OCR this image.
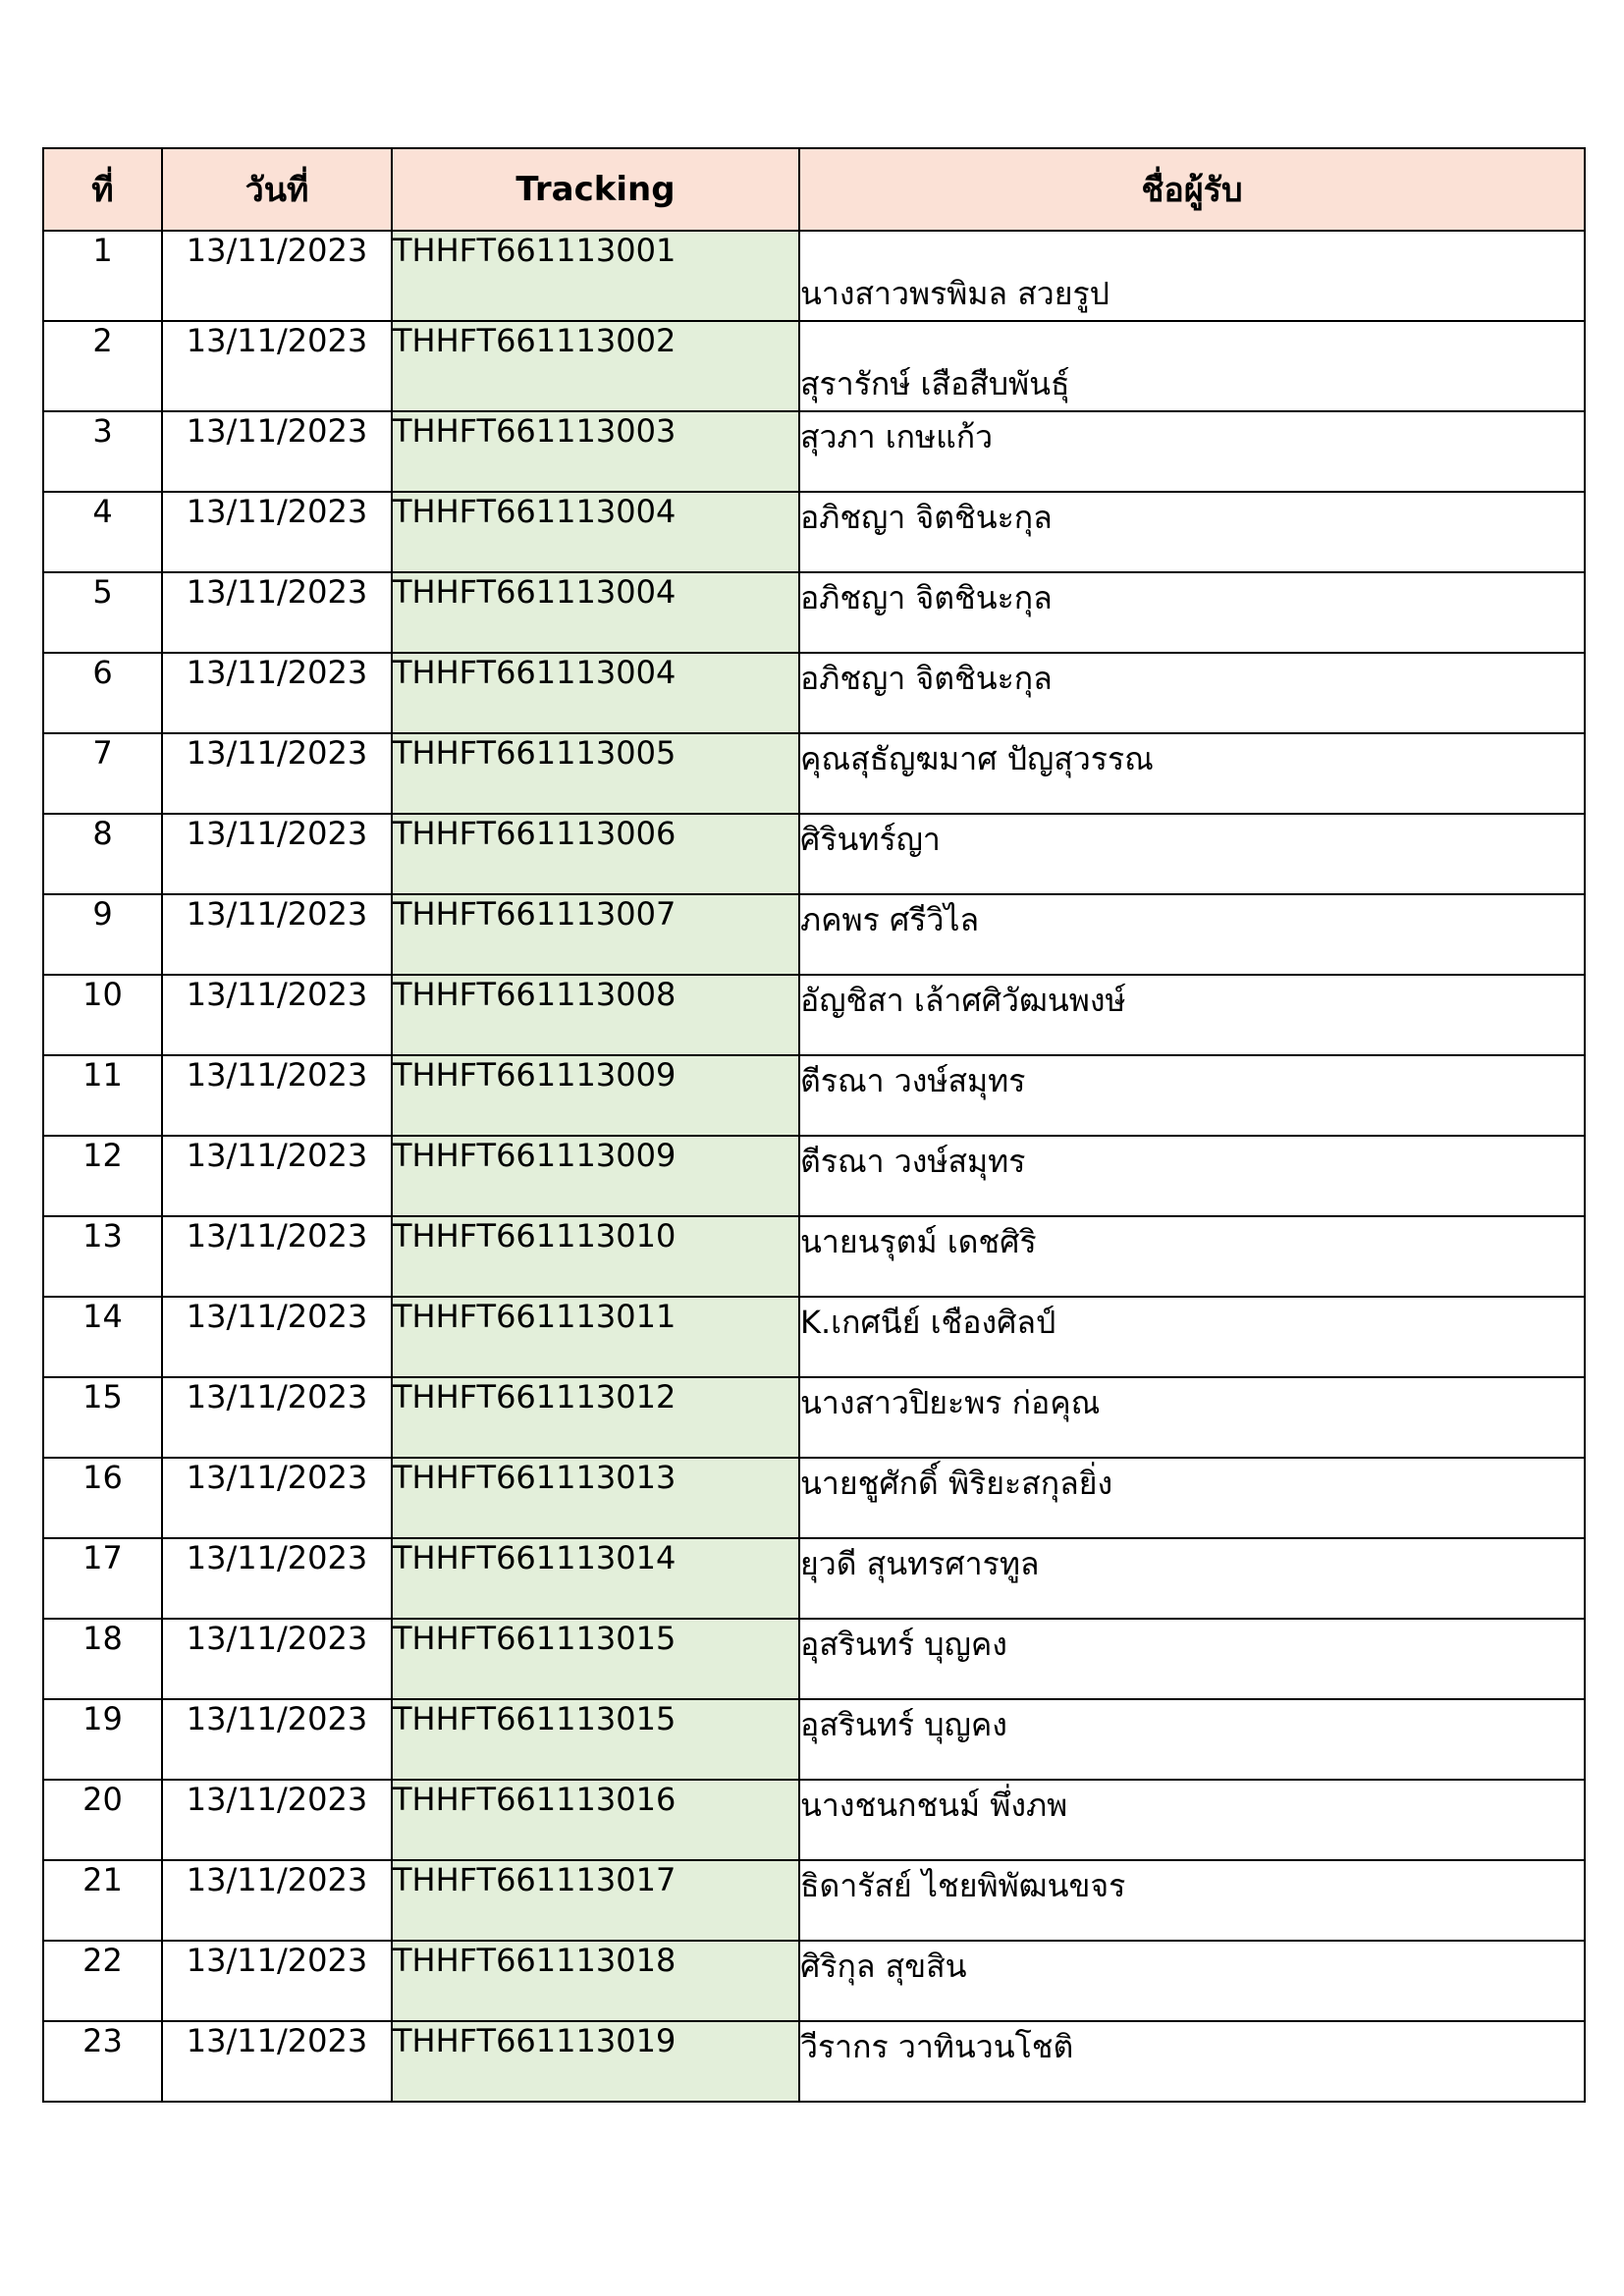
ที่	วันที่	Tracking	ชื่อผู้รับ
1	13/11/2023	THHFT661113001	นางสาวพรพิมล สวยรูป
2	13/11/2023	THHFT661113002	สุรารักษ์ เสือสืบพันธุ์
3	13/11/2023	THHFT661113003	สุวภา เกษแก้ว
4	13/11/2023	THHFT661113004	อภิชญา จิตชินะกุล
5	13/11/2023	THHFT661113004	อภิชญา จิตชินะกุล
6	13/11/2023	THHFT661113004	อภิชญา จิตชินะกุล
7	13/11/2023	THHFT661113005	คุณสุธัญฆมาศ ปัญสุวรรณ
8	13/11/2023	THHFT661113006	ศิรินทร์ญา
9	13/11/2023	THHFT661113007	ภคพร ศรีวิไล
10	13/11/2023	THHFT661113008	อัญชิสา เล้าศศิวัฒนพงษ์
11	13/11/2023	THHFT661113009	ตีรณา วงษ์สมุทร
12	13/11/2023	THHFT661113009	ตีรณา วงษ์สมุทร
13	13/11/2023	THHFT661113010	นายนรุตม์ เดชศิริ
14	13/11/2023	THHFT661113011	K.เกศนีย์ เชืองศิลป์
15	13/11/2023	THHFT661113012	นางสาวปิยะพร ก่อคุณ
16	13/11/2023	THHFT661113013	นายชูศักดิ์ พิริยะสกุลยิ่ง
17	13/11/2023	THHFT661113014	ยุวดี สุนทรศารทูล
18	13/11/2023	THHFT661113015	อุสรินทร์ บุญคง
19	13/11/2023	THHFT661113015	อุสรินทร์ บุญคง
20	13/11/2023	THHFT661113016	นางชนกชนม์ พึ่งภพ
21	13/11/2023	THHFT661113017	ธิดารัสย์ ไชยพิพัฒนขจร
22	13/11/2023	THHFT661113018	ศิริกุล สุขสิน
23	13/11/2023	THHFT661113019	วีรากร วาทินวนโชติ
